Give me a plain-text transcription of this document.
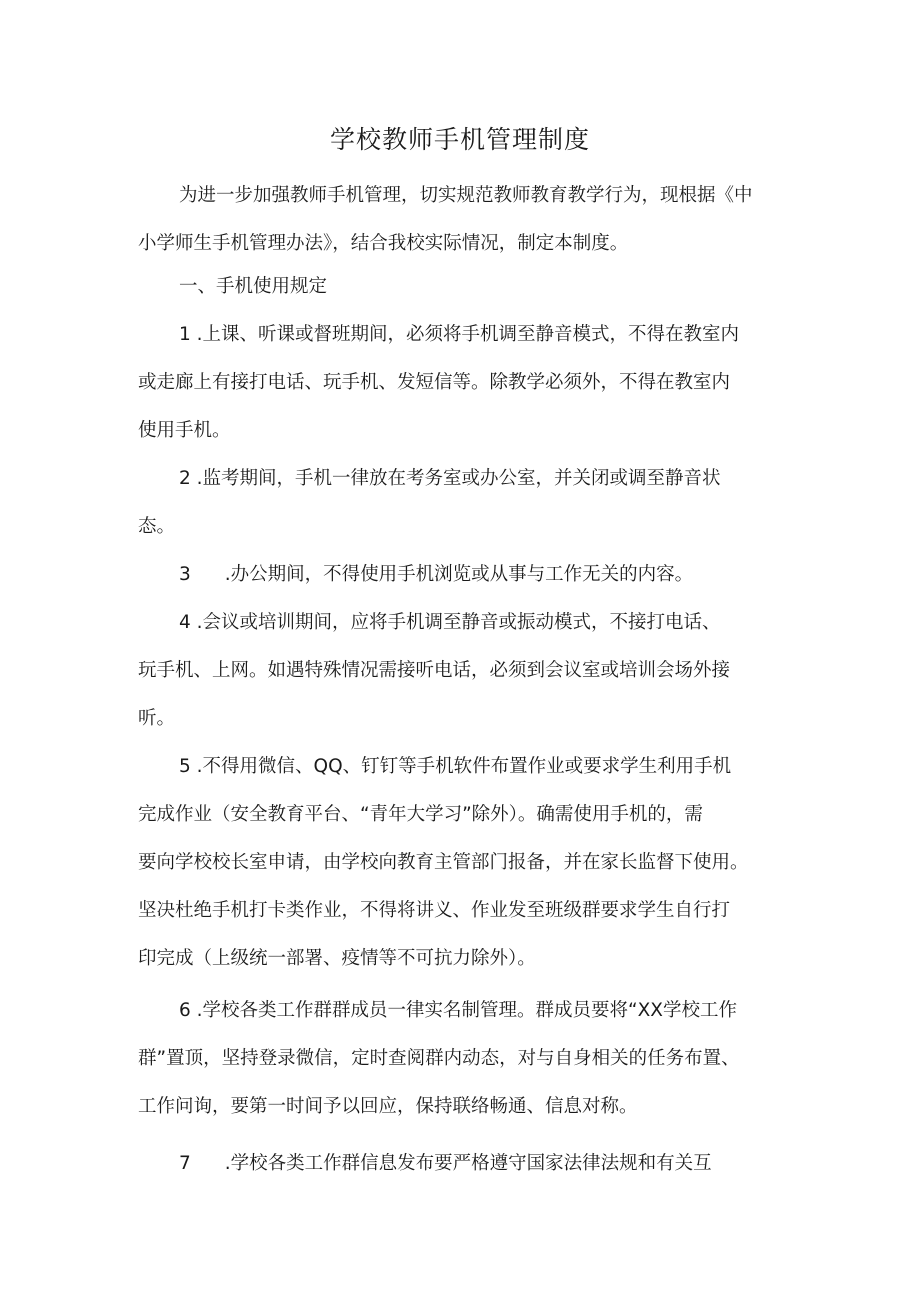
学校教师手机管理制度
为进一步加强教师手机管理，切实规范教师教育教学行为，现根据《中
小学师生手机管理办法》，结合我校实际情况，制定本制度。
一、手机使用规定
1 .上课、听课或督班期间，必须将手机调至静音模式，不得在教室内
或走廊上有接打电话、玩手机、发短信等。除教学必须外，不得在教室内
使用手机。
2 .监考期间，手机一律放在考务室或办公室，并关闭或调至静音状
态。
3 .办公期间，不得使用手机浏览或从事与工作无关的内容。
4 .会议或培训期间，应将手机调至静音或振动模式，不接打电话、
玩手机、上网。如遇特殊情况需接听电话，必须到会议室或培训会场外接
听。
5 .不得用微信、QQ、钉钉等手机软件布置作业或要求学生利用手机
完成作业（安全教育平台、“青年大学习”除外）。确需使用手机的，需
要向学校校长室申请，由学校向教育主管部门报备，并在家长监督下使用。
坚决杜绝手机打卡类作业，不得将讲义、作业发至班级群要求学生自行打
印完成（上级统一部署、疫情等不可抗力除外）。
6 .学校各类工作群群成员一律实名制管理。群成员要将“XX学校工作
群”置顶，坚持登录微信，定时查阅群内动态，对与自身相关的任务布置、
工作问询，要第一时间予以回应，保持联络畅通、信息对称。
7 .学校各类工作群信息发布要严格遵守国家法律法规和有关互
